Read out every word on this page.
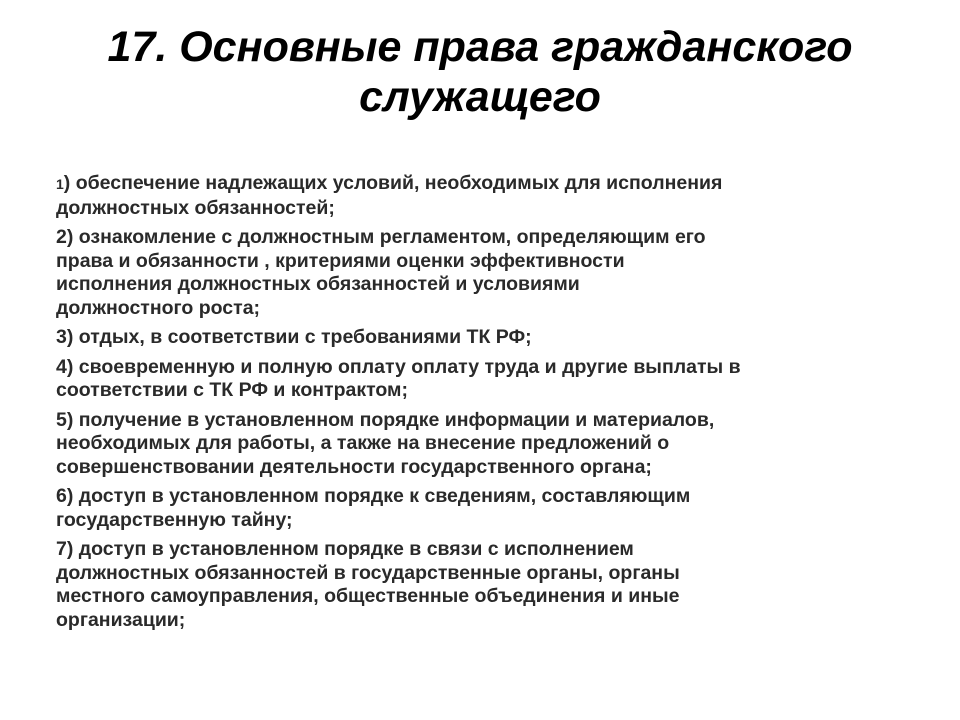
17. Основные права гражданского
служащего
1) обеспечение надлежащих условий, необходимых для исполнения
должностных обязанностей;
2) ознакомление с должностным регламентом, определяющим его
права и обязанности , критериями оценки эффективности
исполнения должностных обязанностей и условиями
должностного роста;
3) отдых, в соответствии с требованиями ТК РФ;
4) своевременную и полную оплату оплату труда и другие выплаты в
соответствии с ТК РФ и контрактом;
5) получение в установленном порядке информации и материалов,
необходимых для работы, а также на внесение предложений о
совершенствовании деятельности государственного органа;
6) доступ в установленном порядке к сведениям, составляющим
государственную тайну;
7) доступ в установленном порядке в связи с исполнением
должностных обязанностей в государственные органы, органы
местного самоуправления, общественные объединения и иные
организации;
